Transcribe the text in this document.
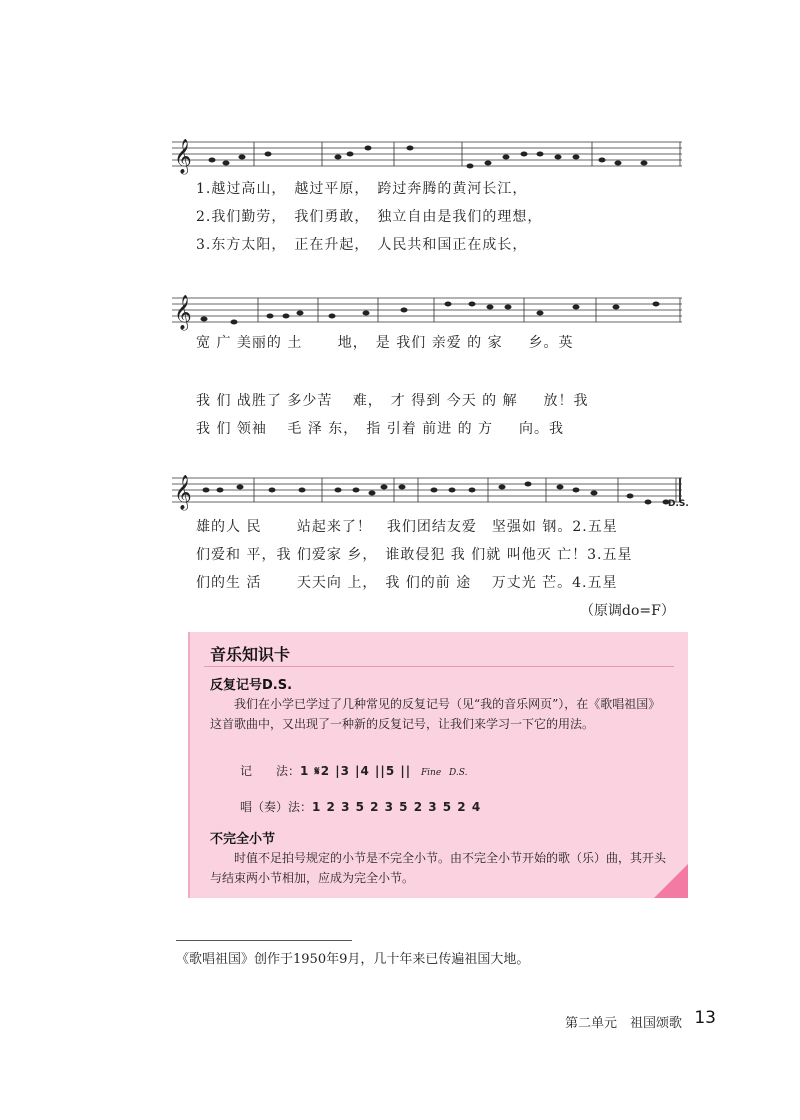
𝄞
1.越过高山，　越过平原，　跨过奔腾的黄河长江，
2.我们勤劳，　我们勇敢，　独立自由是我们的理想，
3.东方太阳，　正在升起，　人民共和国正在成长，
𝄞
宽 广 美丽的 土 　　地，　是 我们 亲爱 的 家 　 乡。英
我 们 战胜了 多少苦 　难，　才 得到 今天 的 解 　 放！我
我 们 领袖 　毛 泽 东，　指 引着 前进 的 方 　 向。我
𝄞	D.S.
雄的人 民 　　站起来了！　我们团结友爱　坚强如 钢。2.五星
们爱和 平，我 们爱家 乡，　谁敢侵犯 我 们就 叫他灭 亡！3.五星
们的生 活 　　天天向 上，　我 们的前 途 　万丈光 芒。4.五星
（原调do=F）
音乐知识卡
反复记号D.S.
我们在小学已学过了几种常见的反复记号（见“我的音乐网页”），在《歌唱祖国》这首歌曲中，又出现了一种新的反复记号，让我们来学习一下它的用法。
记　　法：1 𝄋2 |3 |4 ||5 || Fine D.S.
唱（奏）法：1 2 3 5 2 3 5 2 3 5 2 4
不完全小节
时值不足拍号规定的小节是不完全小节。由不完全小节开始的歌（乐）曲，其开头与结束两小节相加，应成为完全小节。
《歌唱祖国》创作于1950年9月，几十年来已传遍祖国大地。
第二单元　祖国颂歌 13
